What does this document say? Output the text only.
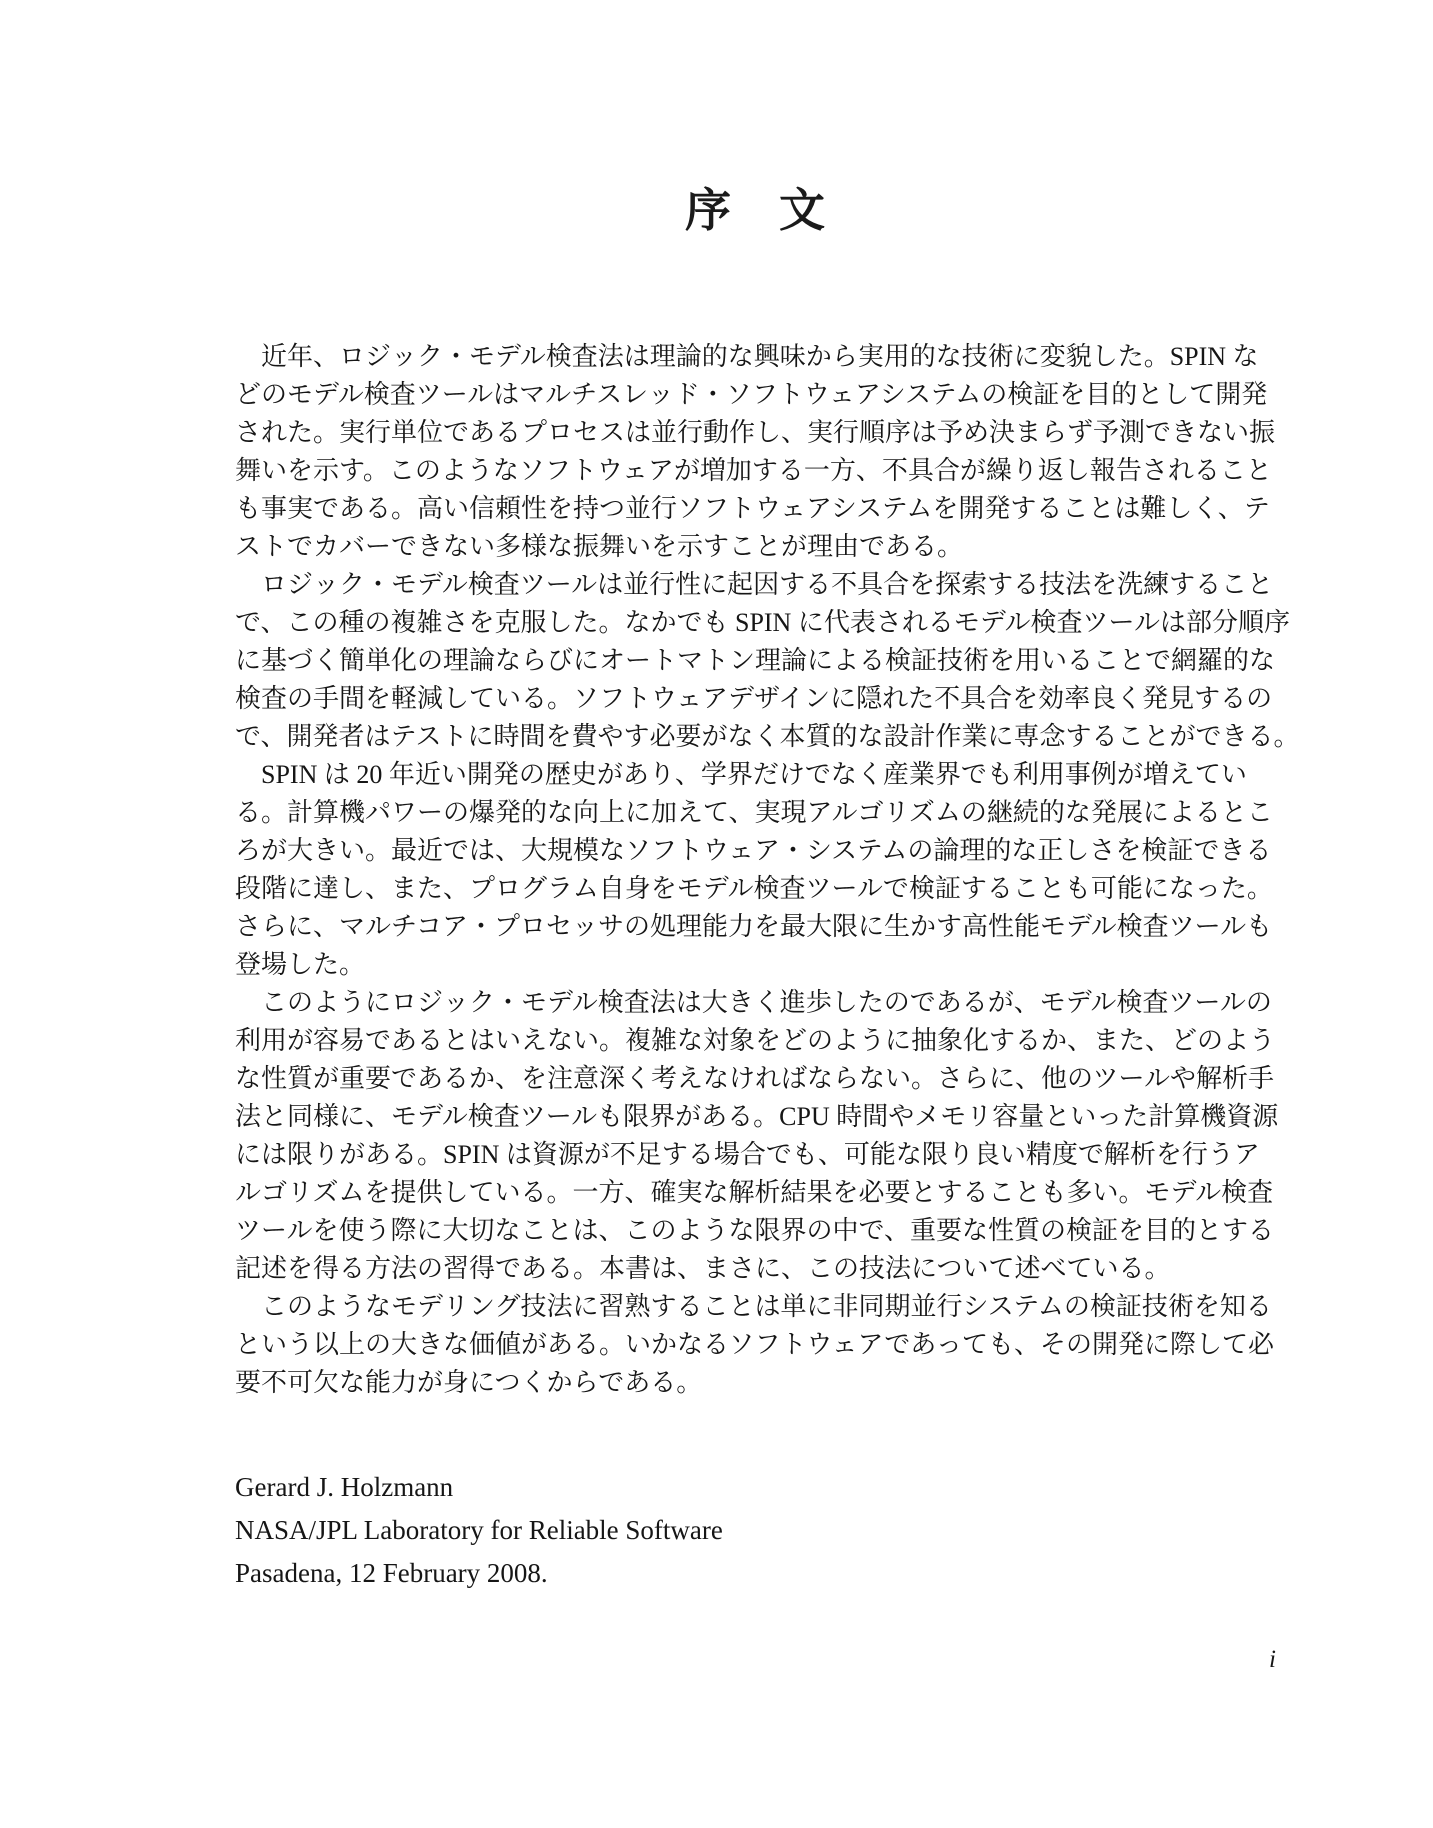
序　文

近年、ロジック・モデル検査法は理論的な興味から実用的な技術に変貌した。SPIN な
どのモデル検査ツールはマルチスレッド・ソフトウェアシステムの検証を目的として開発
された。実行単位であるプロセスは並行動作し、実行順序は予め決まらず予測できない振
舞いを示す。このようなソフトウェアが増加する一方、不具合が繰り返し報告されること
も事実である。高い信頼性を持つ並行ソフトウェアシステムを開発することは難しく、テ
ストでカバーできない多様な振舞いを示すことが理由である。

ロジック・モデル検査ツールは並行性に起因する不具合を探索する技法を洗練すること
で、この種の複雑さを克服した。なかでも SPIN に代表されるモデル検査ツールは部分順序
に基づく簡単化の理論ならびにオートマトン理論による検証技術を用いることで網羅的な
検査の手間を軽減している。ソフトウェアデザインに隠れた不具合を効率良く発見するの
で、開発者はテストに時間を費やす必要がなく本質的な設計作業に専念することができる。

SPIN は 20 年近い開発の歴史があり、学界だけでなく産業界でも利用事例が増えてい
る。計算機パワーの爆発的な向上に加えて、実現アルゴリズムの継続的な発展によるとこ
ろが大きい。最近では、大規模なソフトウェア・システムの論理的な正しさを検証できる
段階に達し、また、プログラム自身をモデル検査ツールで検証することも可能になった。
さらに、マルチコア・プロセッサの処理能力を最大限に生かす高性能モデル検査ツールも
登場した。

このようにロジック・モデル検査法は大きく進歩したのであるが、モデル検査ツールの
利用が容易であるとはいえない。複雑な対象をどのように抽象化するか、また、どのよう
な性質が重要であるか、を注意深く考えなければならない。さらに、他のツールや解析手
法と同様に、モデル検査ツールも限界がある。CPU 時間やメモリ容量といった計算機資源
には限りがある。SPIN は資源が不足する場合でも、可能な限り良い精度で解析を行うア
ルゴリズムを提供している。一方、確実な解析結果を必要とすることも多い。モデル検査
ツールを使う際に大切なことは、このような限界の中で、重要な性質の検証を目的とする
記述を得る方法の習得である。本書は、まさに、この技法について述べている。

このようなモデリング技法に習熟することは単に非同期並行システムの検証技術を知る
という以上の大きな価値がある。いかなるソフトウェアであっても、その開発に際して必
要不可欠な能力が身につくからである。

Gerard J. Holzmann
NASA/JPL Laboratory for Reliable Software
Pasadena, 12 February 2008.
i
